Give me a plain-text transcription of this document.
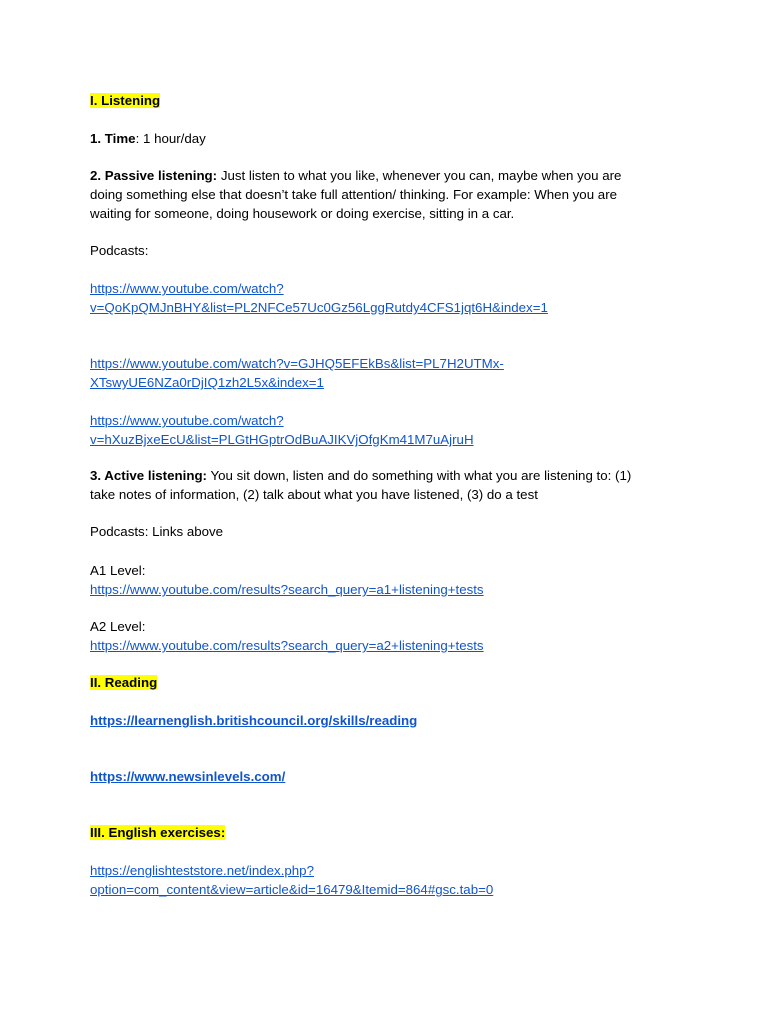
I. Listening

1. Time: 1 hour/day

2. Passive listening: Just listen to what you like, whenever you can, maybe when you are

doing something else that doesn’t take full attention/ thinking. For example: When you are

waiting for someone, doing housework or doing exercise, sitting in a car.

Podcasts:

https://www.youtube.com/watch?
v=QoKpQMJnBHY&list=PL2NFCe57Uc0Gz56LggRutdy4CFS1jqt6H&index=1
https://www.youtube.com/watch?v=GJHQ5EFEkBs&list=PL7H2UTMx-
XTswyUE6NZa0rDjIQ1zh2L5x&index=1
https://www.youtube.com/watch?
v=hXuzBjxeEcU&list=PLGtHGptrOdBuAJIKVjOfgKm41M7uAjruH

3. Active listening: You sit down, listen and do something with what you are listening to: (1)

take notes of information, (2) talk about what you have listened, (3) do a test

Podcasts: Links above

A1 Level:

https://www.youtube.com/results?search_query=a1+listening+tests

A2 Level:

https://www.youtube.com/results?search_query=a2+listening+tests

II. Reading

https://learnenglish.britishcouncil.org/skills/reading
https://www.newsinlevels.com/

III. English exercises:

https://englishteststore.net/index.php?
option=com_content&view=article&id=16479&Itemid=864#gsc.tab=0
